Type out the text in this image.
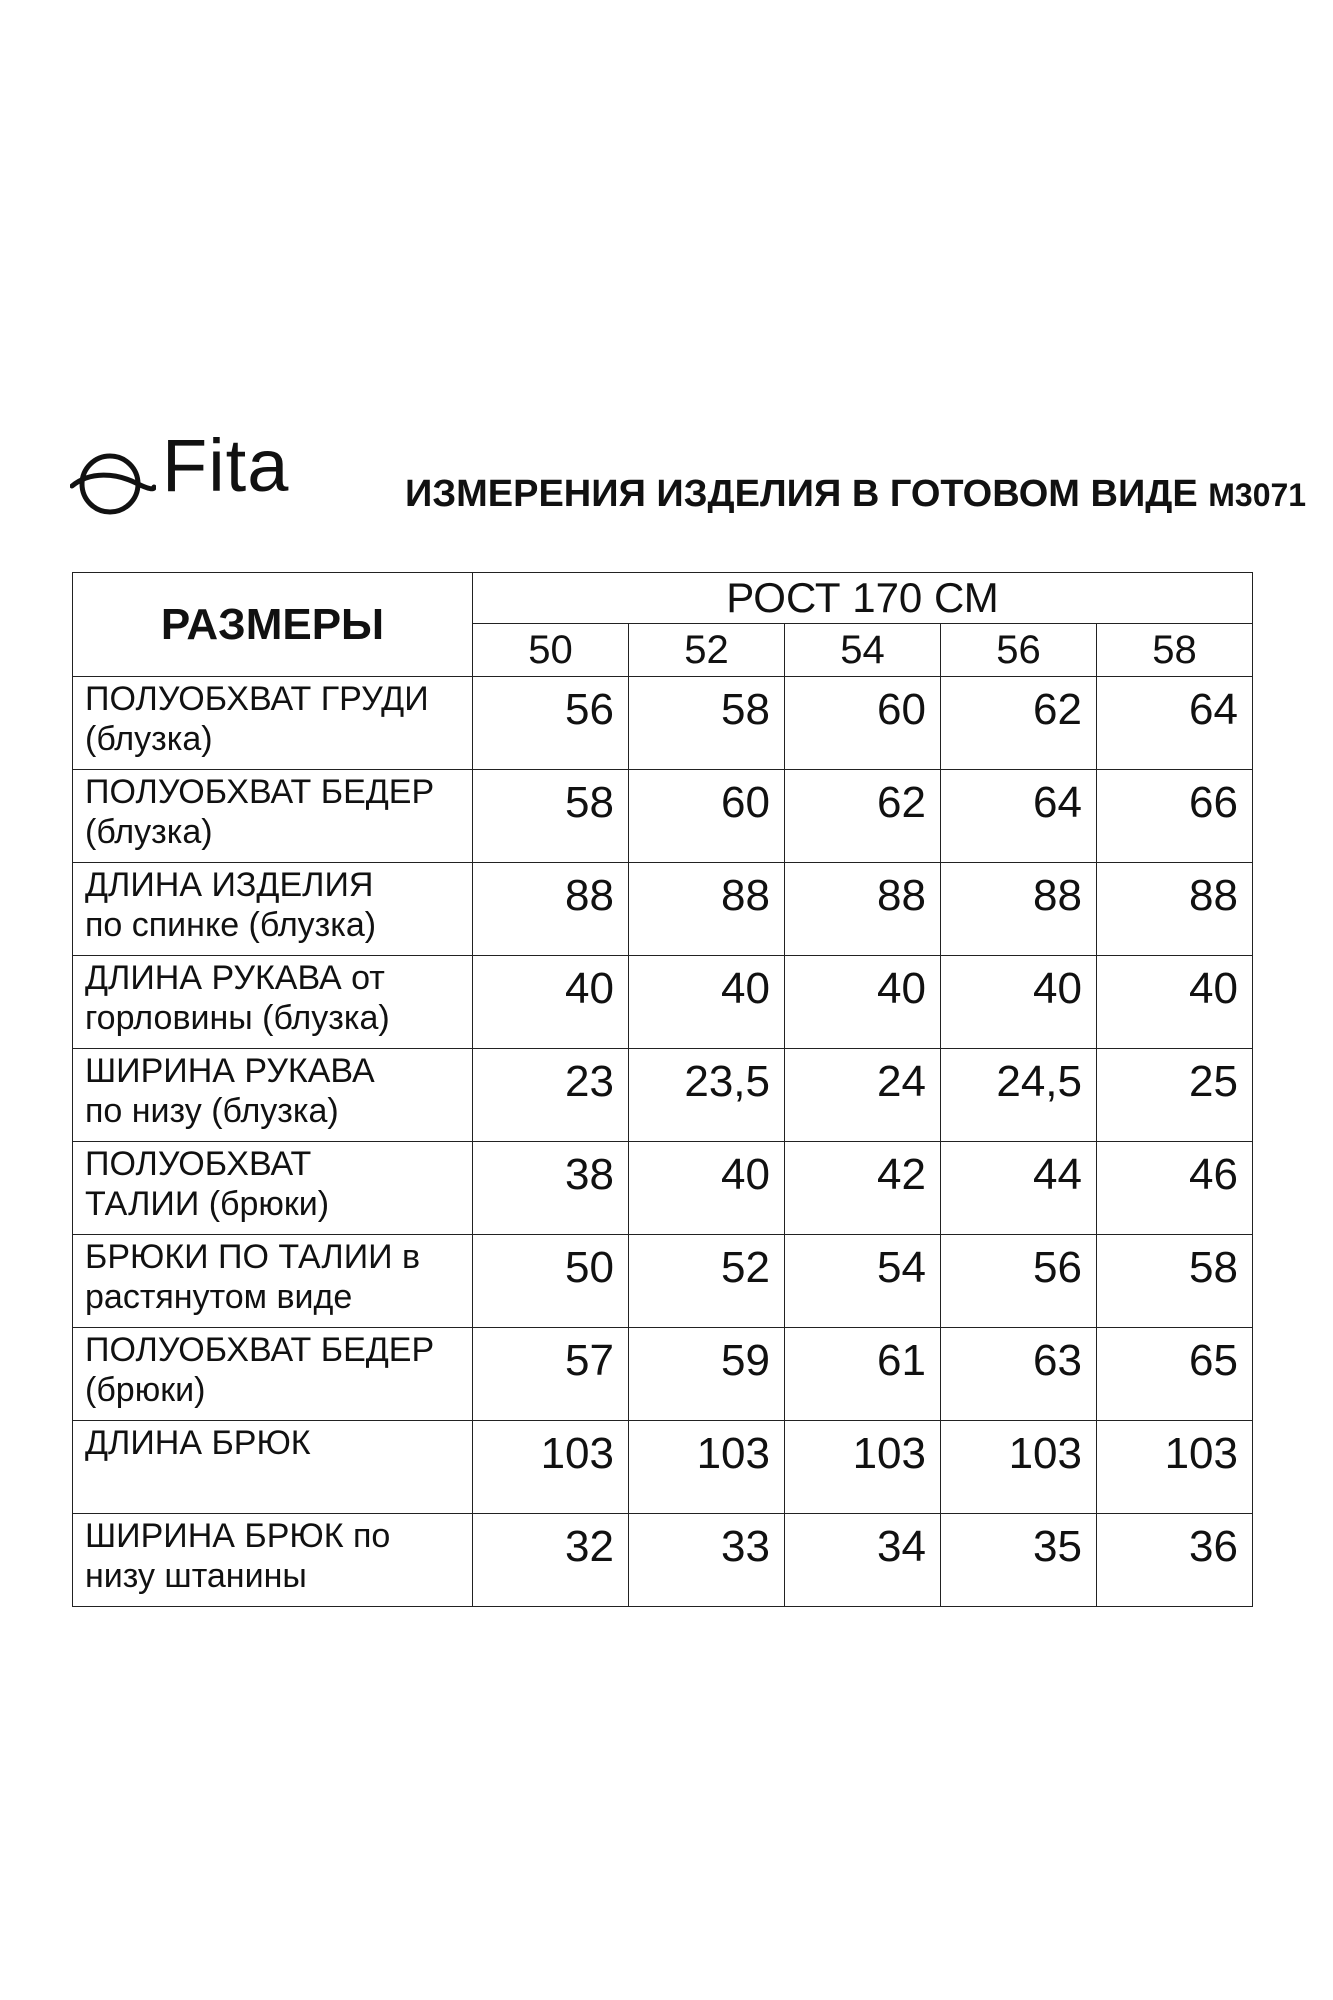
Fita	ИЗМЕРЕНИЯ ИЗДЕЛИЯ В ГОТОВОМ ВИДЕ М3071
РАЗМЕРЫ	РОСТ 170 СМ				
	50	52	54	56	58

ПОЛУОБХВАТ ГРУДИ
(блузка)	56	58	60	62	64

ПОЛУОБХВАТ БЕДЕР
(блузка)	58	60	62	64	66

ДЛИНА ИЗДЕЛИЯ
по спинке (блузка)	88	88	88	88	88

ДЛИНА РУКАВА от
горловины (блузка)	40	40	40	40	40

ШИРИНА РУКАВА
по низу (блузка)	23	23,5	24	24,5	25

ПОЛУОБХВАТ
ТАЛИИ (брюки)	38	40	42	44	46

БРЮКИ ПО ТАЛИИ в
растянутом виде	50	52	54	56	58

ПОЛУОБХВАТ БЕДЕР
(брюки)	57	59	61	63	65

ДЛИНА БРЮК	103	103	103	103	103

ШИРИНА БРЮК по
низу штанины	32	33	34	35	36
